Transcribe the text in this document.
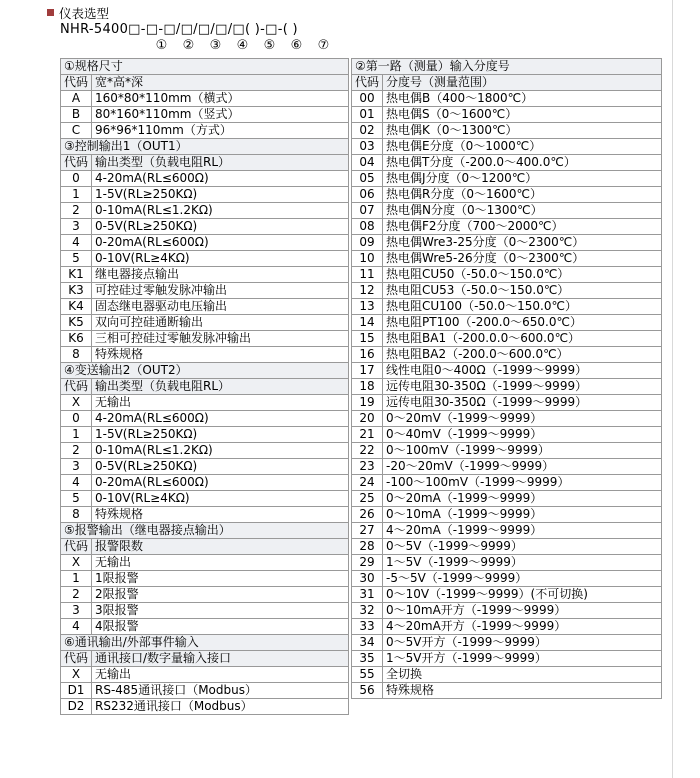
仪表选型
NHR-5400□-□-□/□/□/□/□( )-□-( )
① ② ③ ④ ⑤ ⑥ ⑦
①规格尺寸	
代码	宽*高*深
A	160*80*110mm（横式）
B	80*160*110mm（竖式）
C	96*96*110mm（方式）
③控制输出1（OUT1）	
代码	输出类型（负载电阻RL）
0	4-20mA(RL≤600Ω)
1	1-5V(RL≥250KΩ)
2	0-10mA(RL≤1.2KΩ)
3	0-5V(RL≥250KΩ)
4	0-20mA(RL≤600Ω)
5	0-10V(RL≥4KΩ)
K1	继电器接点输出
K3	可控硅过零触发脉冲输出
K4	固态继电器驱动电压输出
K5	双向可控硅通断输出
K6	三相可控硅过零触发脉冲输出
8	特殊规格
④变送输出2（OUT2）	
代码	输出类型（负载电阻RL）
X	无输出
0	4-20mA(RL≤600Ω)
1	1-5V(RL≥250KΩ)
2	0-10mA(RL≤1.2KΩ)
3	0-5V(RL≥250KΩ)
4	0-20mA(RL≤600Ω)
5	0-10V(RL≥4KΩ)
8	特殊规格
⑤报警输出（继电器接点输出）	
代码	报警限数
X	无输出
1	1限报警
2	2限报警
3	3限报警
4	4限报警
⑥通讯输出/外部事件输入	
代码	通讯接口/数字量输入接口
X	无输出
D1	RS-485通讯接口（Modbus）
D2	RS232通讯接口（Modbus）
②第一路（测量）输入分度号	
代码	分度号（测量范围）
00	热电偶B（400～1800℃）
01	热电偶S（0～1600℃）
02	热电偶K（0～1300℃）
03	热电偶E分度（0～1000℃）
04	热电偶T分度（-200.0～400.0℃）
05	热电偶J分度（0～1200℃）
06	热电偶R分度（0～1600℃）
07	热电偶N分度（0～1300℃）
08	热电偶F2分度（700～2000℃）
09	热电偶Wre3-25分度（0～2300℃）
10	热电偶Wre5-26分度（0～2300℃）
11	热电阻CU50（-50.0～150.0℃）
12	热电阻CU53（-50.0～150.0℃）
13	热电阻CU100（-50.0～150.0℃）
14	热电阻PT100（-200.0～650.0℃）
15	热电阻BA1（-200.0.0～600.0℃）
16	热电阻BA2（-200.0～600.0℃）
17	线性电阻0～400Ω（-1999～9999）
18	远传电阻30-350Ω（-1999～9999）
19	远传电阻30-350Ω（-1999～9999）
20	0～20mV（-1999～9999）
21	0～40mV（-1999～9999）
22	0～100mV（-1999～9999）
23	-20～20mV（-1999～9999）
24	-100～100mV（-1999～9999）
25	0～20mA（-1999～9999）
26	0～10mA（-1999～9999）
27	4～20mA（-1999～9999）
28	0～5V（-1999～9999）
29	1～5V（-1999～9999）
30	-5～5V（-1999～9999）
31	0～10V（-1999～9999）(不可切换)
32	0～10mA开方（-1999～9999）
33	4～20mA开方（-1999～9999）
34	0～5V开方（-1999～9999）
35	1～5V开方（-1999～9999）
55	全切换
56	特殊规格
